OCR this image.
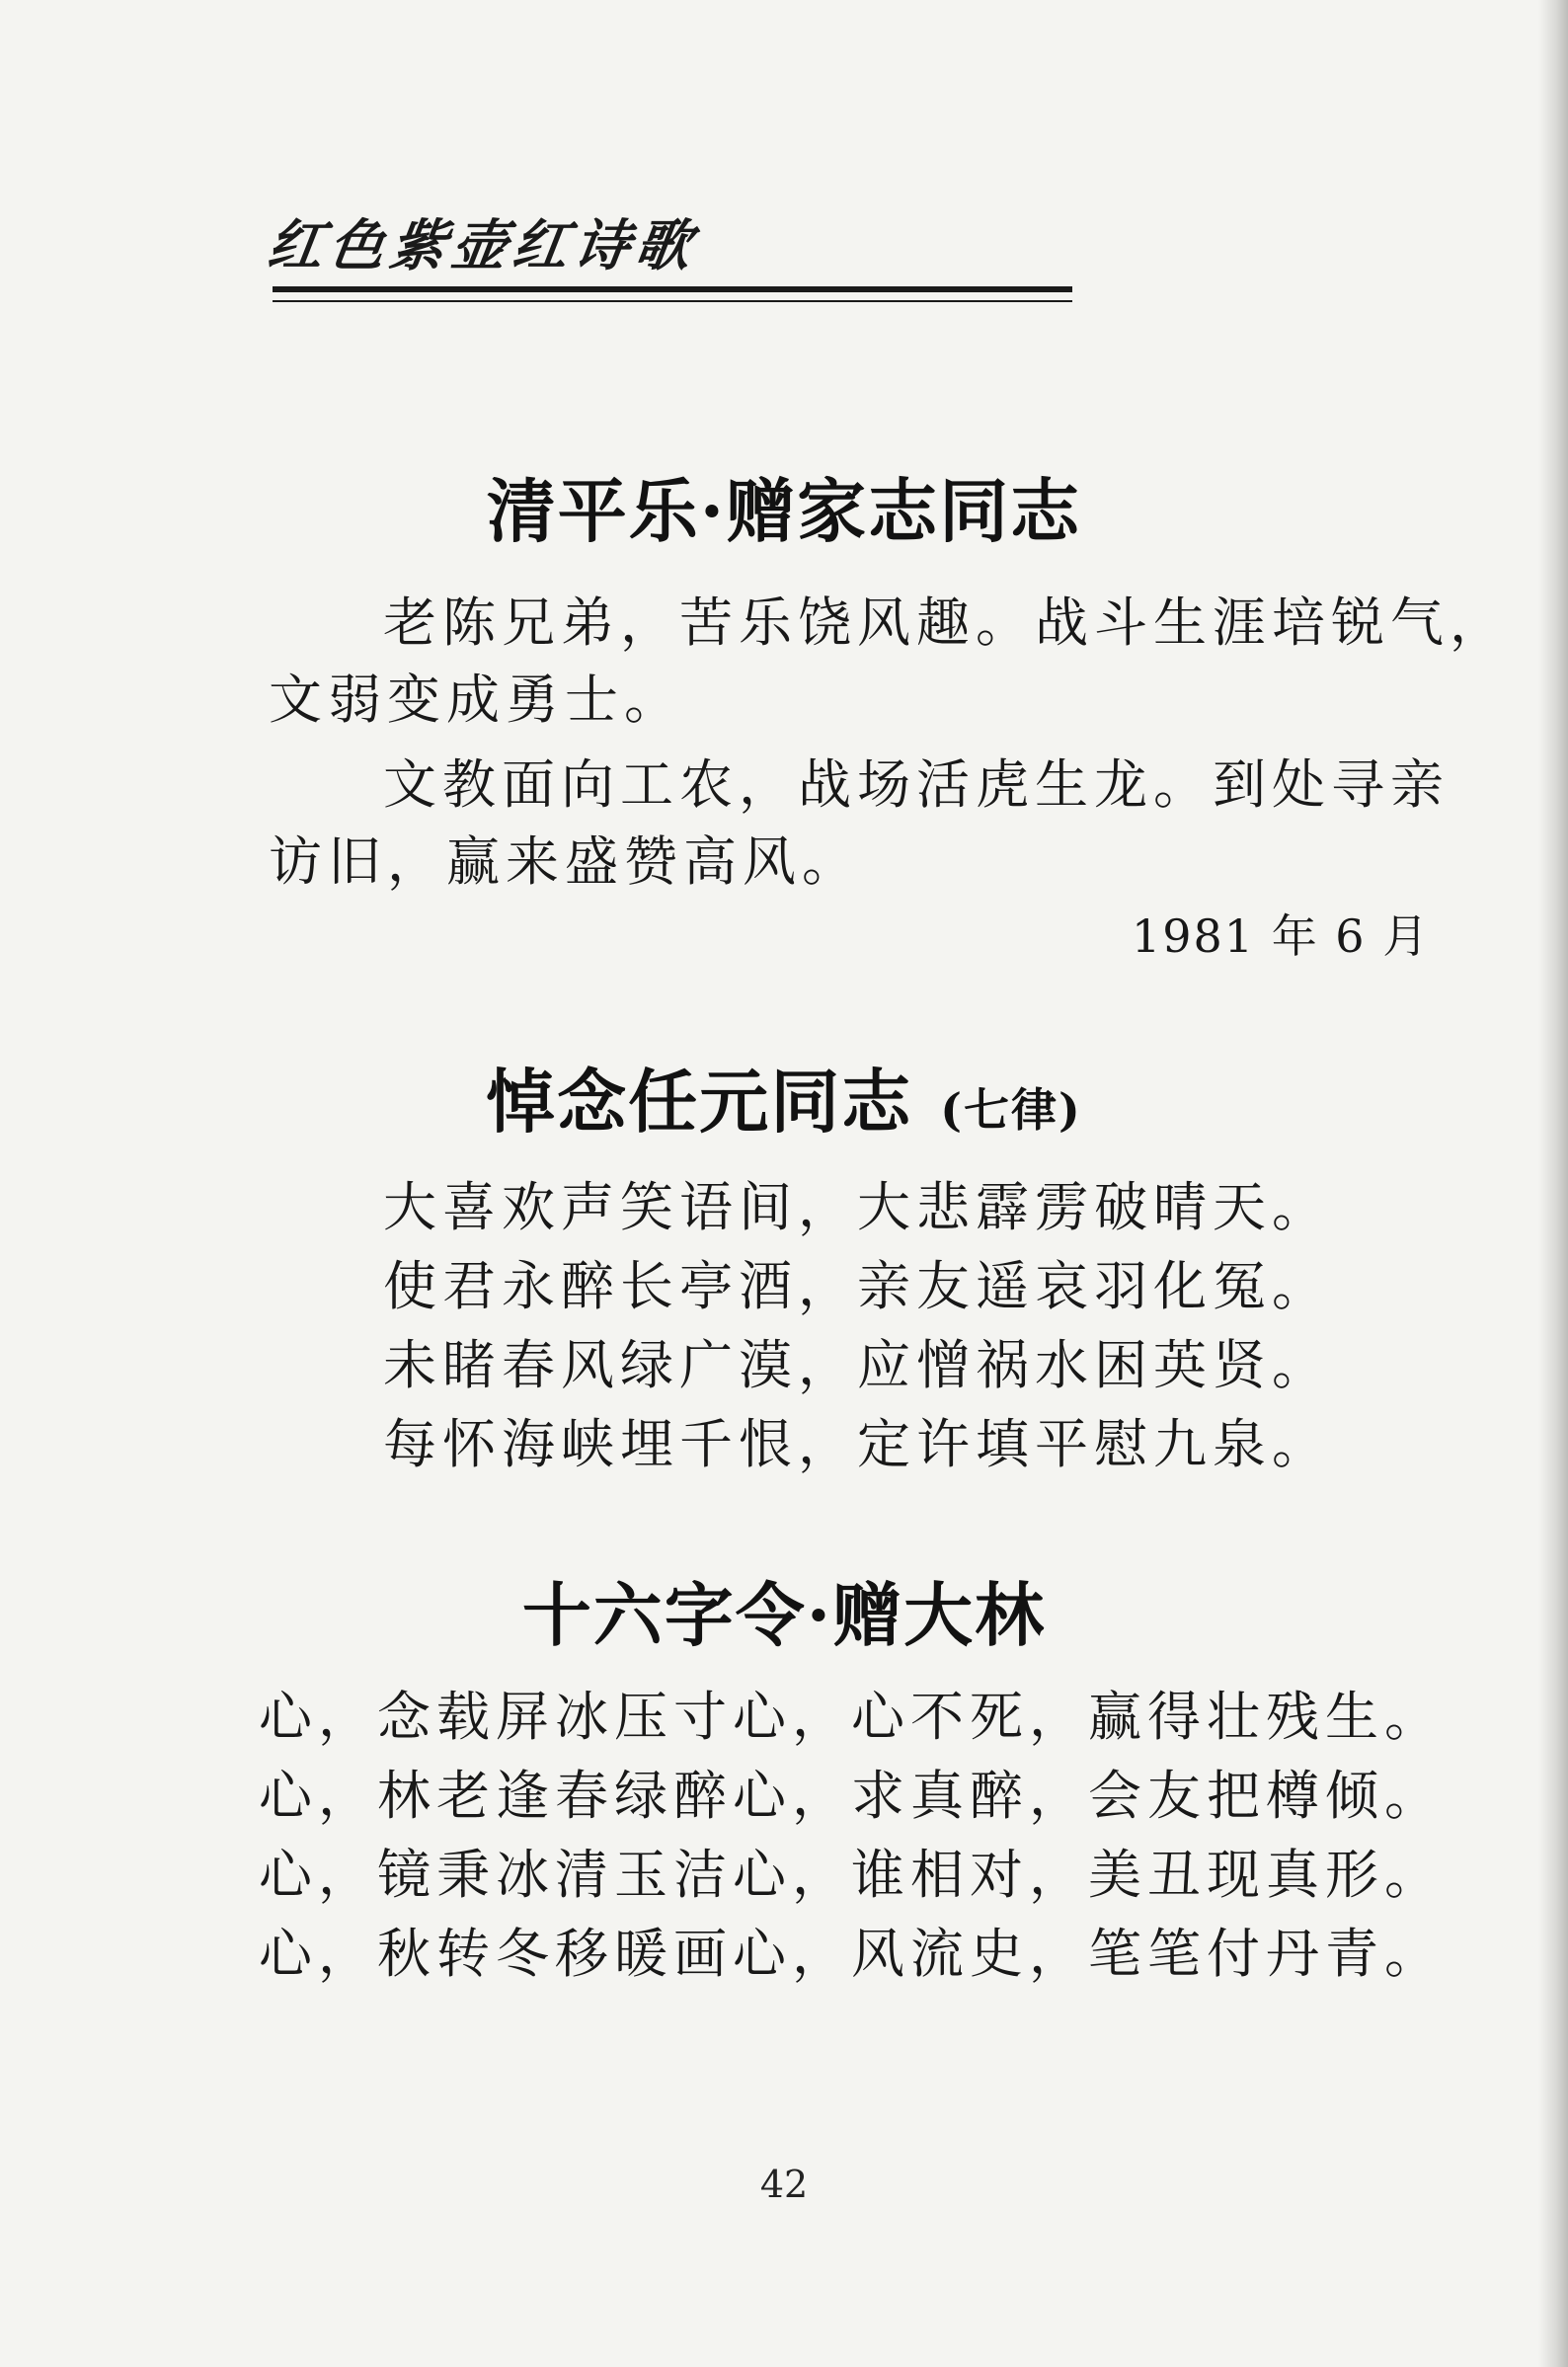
红色紫壶红诗歌
清平乐·赠家志同志
老陈兄弟，苦乐饶风趣。战斗生涯培锐气，
文弱变成勇士。
文教面向工农，战场活虎生龙。到处寻亲
访旧，赢来盛赞高风。
1981 年 6 月
悼念任元同志 (七律)
大喜欢声笑语间，大悲霹雳破晴天。
使君永醉长亭酒，亲友遥哀羽化冤。
未睹春风绿广漠，应憎祸水困英贤。
每怀海峡埋千恨，定许填平慰九泉。
十六字令·赠大林
心，念载屏冰压寸心，心不死，赢得壮残生。
心，林老逢春绿醉心，求真醉，会友把樽倾。
心，镜秉冰清玉洁心，谁相对，美丑现真形。
心，秋转冬移暖画心，风流史，笔笔付丹青。
42
